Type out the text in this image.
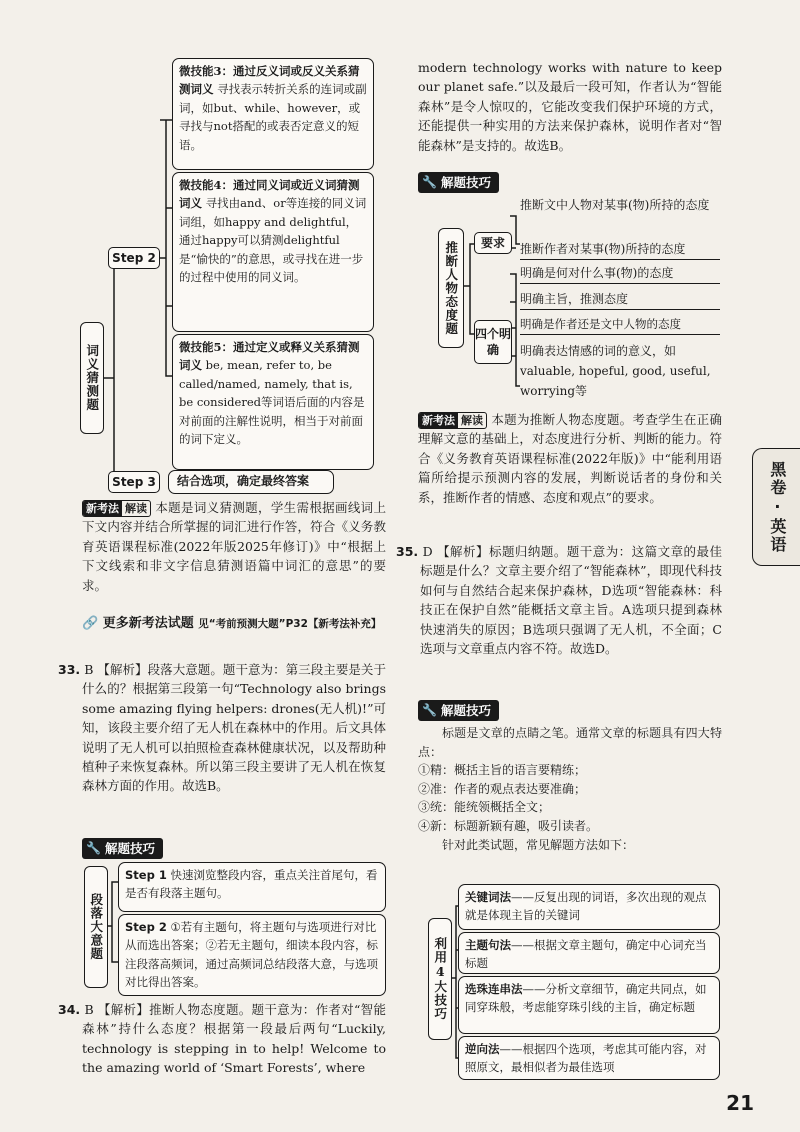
词义猜测题
Step 2
微技能3：通过反义词或反义关系猜测词义 寻找表示转折关系的连词或副词，如but、while、however，或寻找与not搭配的或表否定意义的短语。
微技能4：通过同义词或近义词猜测词义 寻找由and、or等连接的同义词词组，如happy and delightful，通过happy可以猜测delightful是“愉快的”的意思，或寻找在进一步的过程中使用的同义词。
微技能5：通过定义或释义关系猜测词义 be, mean, refer to, be called/named, namely, that is, be considered等词语后面的内容是对前面的注解性说明，相当于对前面的词下定义。
Step 3	结合选项，确定最终答案

新考法 解读 本题是词义猜测题，学生需根据画线词上下文内容并结合所掌握的词汇进行作答，符合《义务教育英语课程标准(2022年版2025年修订)》中“根据上下文线索和非文字信息猜测语篇中词汇的意思”的要求。

🔗 更多新考法试题 见“考前预测大题”P32【新考法补充】

33. B 【解析】段落大意题。题干意为：第三段主要是关于什么的？根据第三段第一句“Technology also brings some amazing flying helpers: drones(无人机)!”可知，该段主要介绍了无人机在森林中的作用。后文具体说明了无人机可以拍照检查森林健康状况，以及帮助种植种子来恢复森林。所以第三段主要讲了无人机在恢复森林方面的作用。故选B。

🔧 解题技巧
段落大意题
Step 1 快速浏览整段内容，重点关注首尾句，看是否有段落主题句。
Step 2 ①若有主题句，将主题句与选项进行对比从而选出答案；②若无主题句，细读本段内容，标注段落高频词，通过高频词总结段落大意，与选项对比得出答案。

34. B 【解析】推断人物态度题。题干意为：作者对“智能森林”持什么态度？根据第一段最后两句“Luckily, technology is stepping in to help! Welcome to the amazing world of ‘Smart Forests’, where

modern technology works with nature to keep our planet safe.”以及最后一段可知，作者认为“智能森林”是令人惊叹的，它能改变我们保护环境的方式，还能提供一种实用的方法来保护森林，说明作者对“智能森林”是支持的。故选B。

🔧 解题技巧
推断人物态度题	要求
推断文中人物对某事(物)所持的态度
推断作者对某事(物)所持的态度
四个明确
明确是何对什么事(物)的态度
明确主旨，推测态度
明确是作者还是文中人物的态度
明确表达情感的词的意义，如valuable, hopeful, good, useful, worrying等

新考法 解读 本题为推断人物态度题。考查学生在正确理解文意的基础上，对态度进行分析、判断的能力。符合《义务教育英语课程标准(2022年版)》中“能利用语篇所给提示预测内容的发展，判断说话者的身份和关系，推断作者的情感、态度和观点”的要求。

35. D 【解析】标题归纳题。题干意为：这篇文章的最佳标题是什么？文章主要介绍了“智能森林”，即现代科技如何与自然结合起来保护森林，D选项“智能森林：科技正在保护自然”能概括文章主旨。A选项只提到森林快速消失的原因；B选项只强调了无人机，不全面；C选项与文章重点内容不符。故选D。

🔧 解题技巧

标题是文章的点睛之笔。通常文章的标题具有四大特点：

①精：概括主旨的语言要精练；

②准：作者的观点表达要准确；

③统：能统领概括全文；

④新：标题新颖有趣，吸引读者。

针对此类试题，常见解题方法如下：

利用4大技巧
关键词法——反复出现的词语，多次出现的观点就是体现主旨的关键词
主题句法——根据文章主题句，确定中心词充当标题
选珠连串法——分析文章细节，确定共同点，如同穿珠般，考虑能穿珠引线的主旨，确定标题
逆向法——根据四个选项，考虑其可能内容，对照原文，最相似者为最佳选项
黑卷·英语
21
